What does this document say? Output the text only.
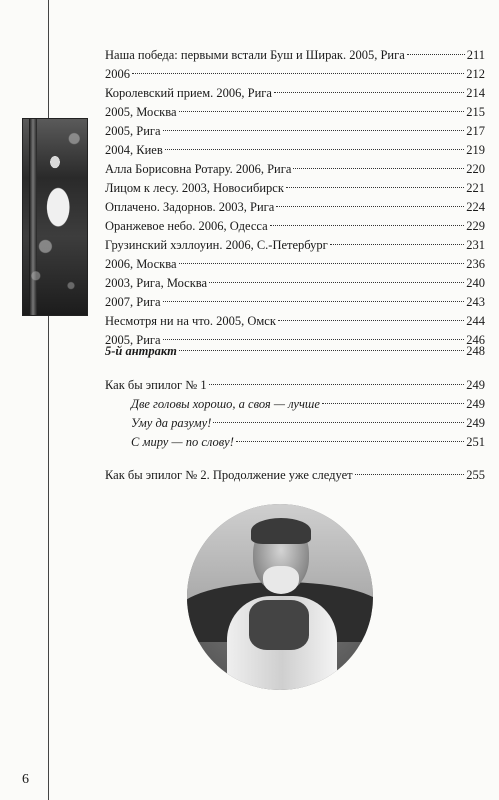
Наша победа: первыми встали Буш и Ширак. 2005, Рига	211
2006	212
Королевский прием. 2006, Рига	214
2005, Москва	215
2005, Рига	217
2004, Киев	219
Алла Борисовна Ротару. 2006, Рига	220
Лицом к лесу. 2003, Новосибирск	221
Оплачено. Задорнов. 2003, Рига	224
Оранжевое небо. 2006, Одесса	229
Грузинский хэллоуин. 2006, С.-Петербург	231
2006, Москва	236
2003, Рига, Москва	240
2007, Рига	243
Несмотря ни на что. 2005, Омск	244
2005, Рига	246
5-й антракт	248
Как бы эпилог № 1	249
Две головы хорошо, а своя — лучше	249
Уму да разуму!	249
С миру — по слову!	251
Как бы эпилог № 2. Продолжение уже следует	255
6
